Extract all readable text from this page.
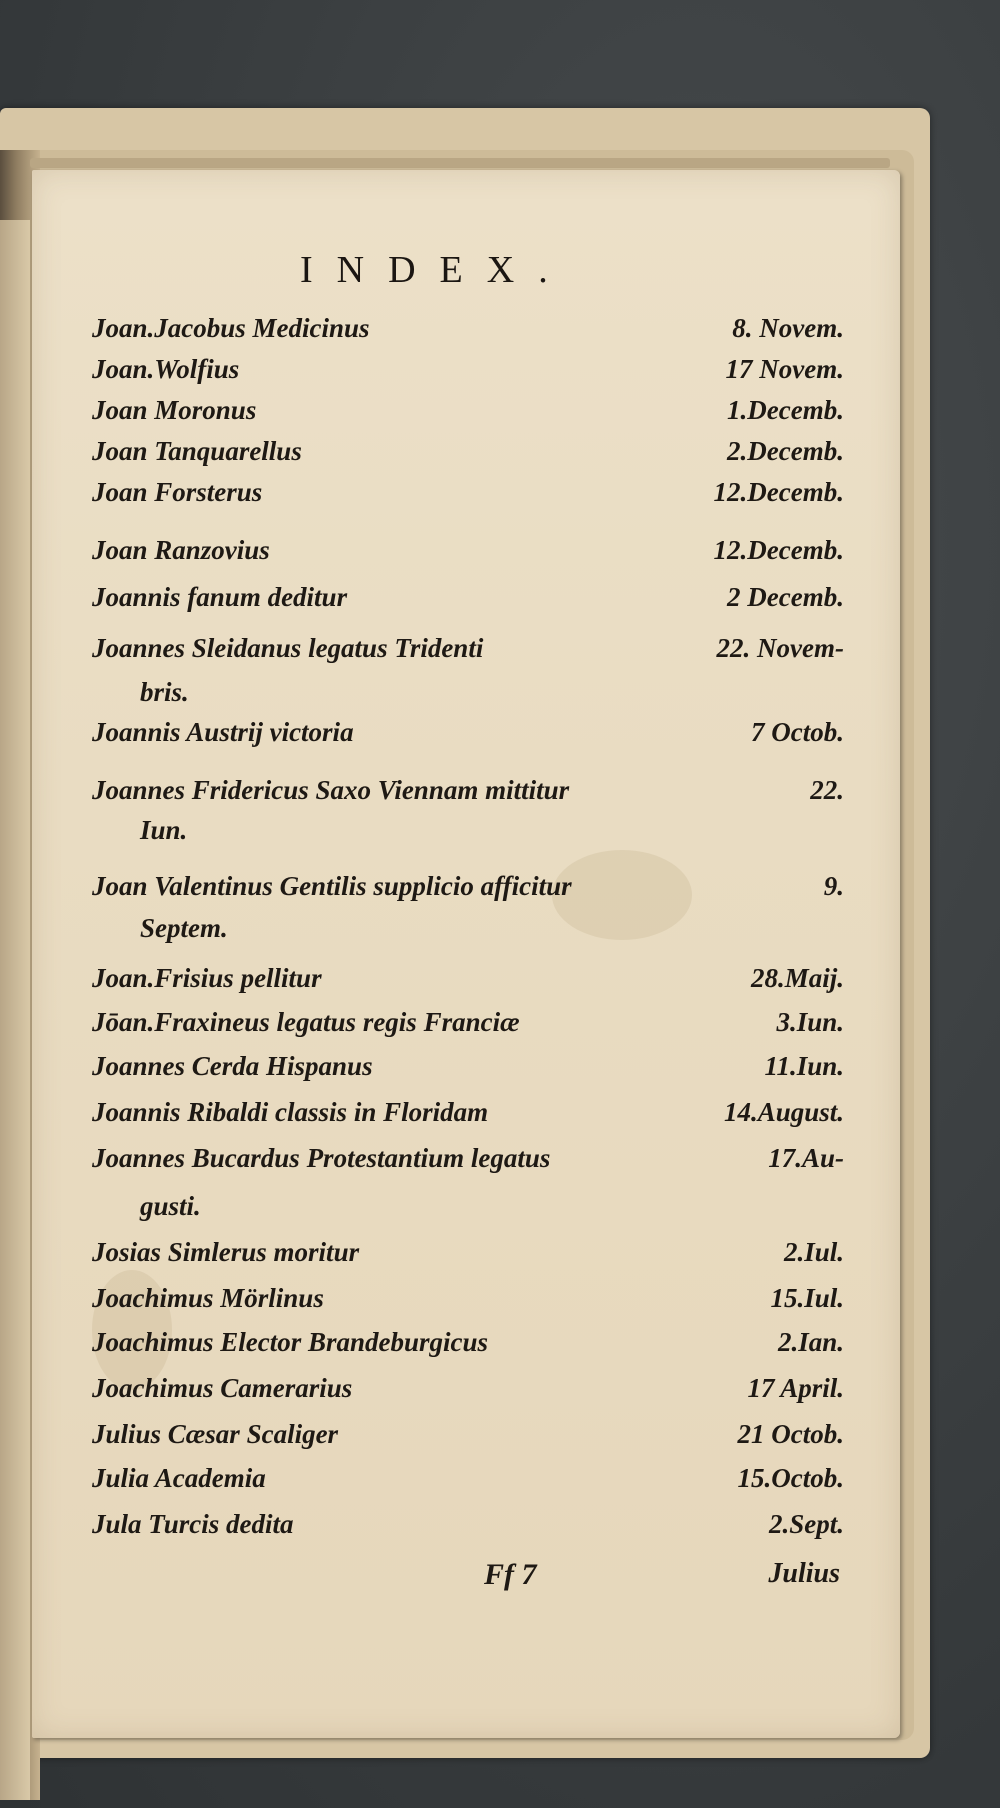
INDEX.
Joan.Jacobus Medicinus	8. Novem.
Joan.Wolfius	17 Novem.
Joan Moronus	1.Decemb.
Joan Tanquarellus	2.Decemb.
Joan Forsterus	12.Decemb.
Joan Ranzovius	12.Decemb.
Joannis fanum deditur	2 Decemb.
Joannes Sleidanus legatus Tridenti	22. Novem-
bris.
Joannis Austrij victoria	7 Octob.
Joannes Fridericus Saxo Viennam mittitur	22.
Iun.
Joan Valentinus Gentilis supplicio afficitur	9.
Septem.
Joan.Frisius pellitur	28.Maij.
Jōan.Fraxineus legatus regis Franciæ	3.Iun.
Joannes Cerda Hispanus	11.Iun.
Joannis Ribaldi classis in Floridam	14.August.
Joannes Bucardus Protestantium legatus	17.Au-
gusti.
Josias Simlerus moritur	2.Iul.
Joachimus Mörlinus	15.Iul.
Joachimus Elector Brandeburgicus	2.Ian.
Joachimus Camerarius	17 April.
Julius Cæsar Scaliger	21 Octob.
Julia Academia	15.Octob.
Jula Turcis dedita	2.Sept.
Ff 7	Julius
